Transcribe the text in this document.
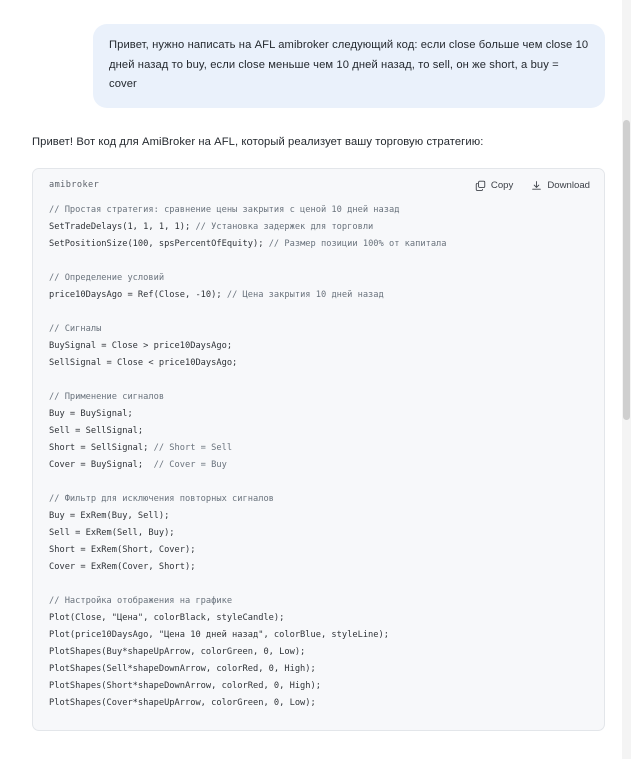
Привет, нужно написать на AFL amibroker следующий код: если close больше чем close 10 дней назад то buy, если close меньше чем 10 дней назад, то sell, он же short, a buy = cover
Привет! Вот код для AmiBroker на AFL, который реализует вашу торговую стратегию:
amibroker	Copy	Download
// Простая стратегия: сравнение цены закрытия с ценой 10 дней назад
SetTradeDelays(1, 1, 1, 1); // Установка задержек для торговли
SetPositionSize(100, spsPercentOfEquity); // Размер позиции 100% от капитала

// Определение условий
price10DaysAgo = Ref(Close, -10); // Цена закрытия 10 дней назад

// Сигналы
BuySignal = Close > price10DaysAgo;
SellSignal = Close < price10DaysAgo;

// Применение сигналов
Buy = BuySignal;
Sell = SellSignal;
Short = SellSignal; // Short = Sell
Cover = BuySignal;  // Cover = Buy

// Фильтр для исключения повторных сигналов
Buy = ExRem(Buy, Sell);
Sell = ExRem(Sell, Buy);
Short = ExRem(Short, Cover);
Cover = ExRem(Cover, Short);

// Настройка отображения на графике
Plot(Close, "Цена", colorBlack, styleCandle);
Plot(price10DaysAgo, "Цена 10 дней назад", colorBlue, styleLine);
PlotShapes(Buy*shapeUpArrow, colorGreen, 0, Low);
PlotShapes(Sell*shapeDownArrow, colorRed, 0, High);
PlotShapes(Short*shapeDownArrow, colorRed, 0, High);
PlotShapes(Cover*shapeUpArrow, colorGreen, 0, Low);
